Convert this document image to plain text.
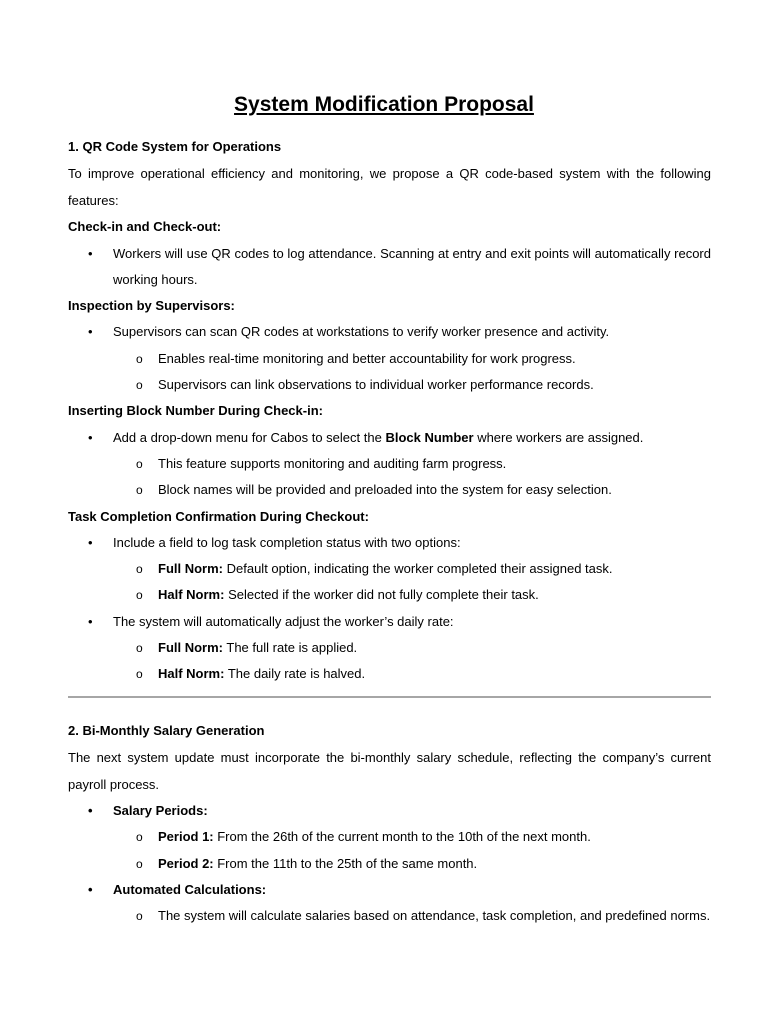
System Modification Proposal
1. QR Code System for Operations
To improve operational efficiency and monitoring, we propose a QR code-based system with the following features:
Check-in and Check-out:
• Workers will use QR codes to log attendance. Scanning at entry and exit points will automatically record working hours.
Inspection by Supervisors:
• Supervisors can scan QR codes at workstations to verify worker presence and activity.
o Enables real-time monitoring and better accountability for work progress.
o Supervisors can link observations to individual worker performance records.
Inserting Block Number During Check-in:
• Add a drop-down menu for Cabos to select the Block Number where workers are assigned.
o This feature supports monitoring and auditing farm progress.
o Block names will be provided and preloaded into the system for easy selection.
Task Completion Confirmation During Checkout:
• Include a field to log task completion status with two options:
o Full Norm: Default option, indicating the worker completed their assigned task.
o Half Norm: Selected if the worker did not fully complete their task.
• The system will automatically adjust the worker’s daily rate:
o Full Norm: The full rate is applied.
o Half Norm: The daily rate is halved.
2. Bi-Monthly Salary Generation
The next system update must incorporate the bi-monthly salary schedule, reflecting the company’s current payroll process.
• Salary Periods:
o Period 1: From the 26th of the current month to the 10th of the next month.
o Period 2: From the 11th to the 25th of the same month.
• Automated Calculations:
o The system will calculate salaries based on attendance, task completion, and predefined norms.
